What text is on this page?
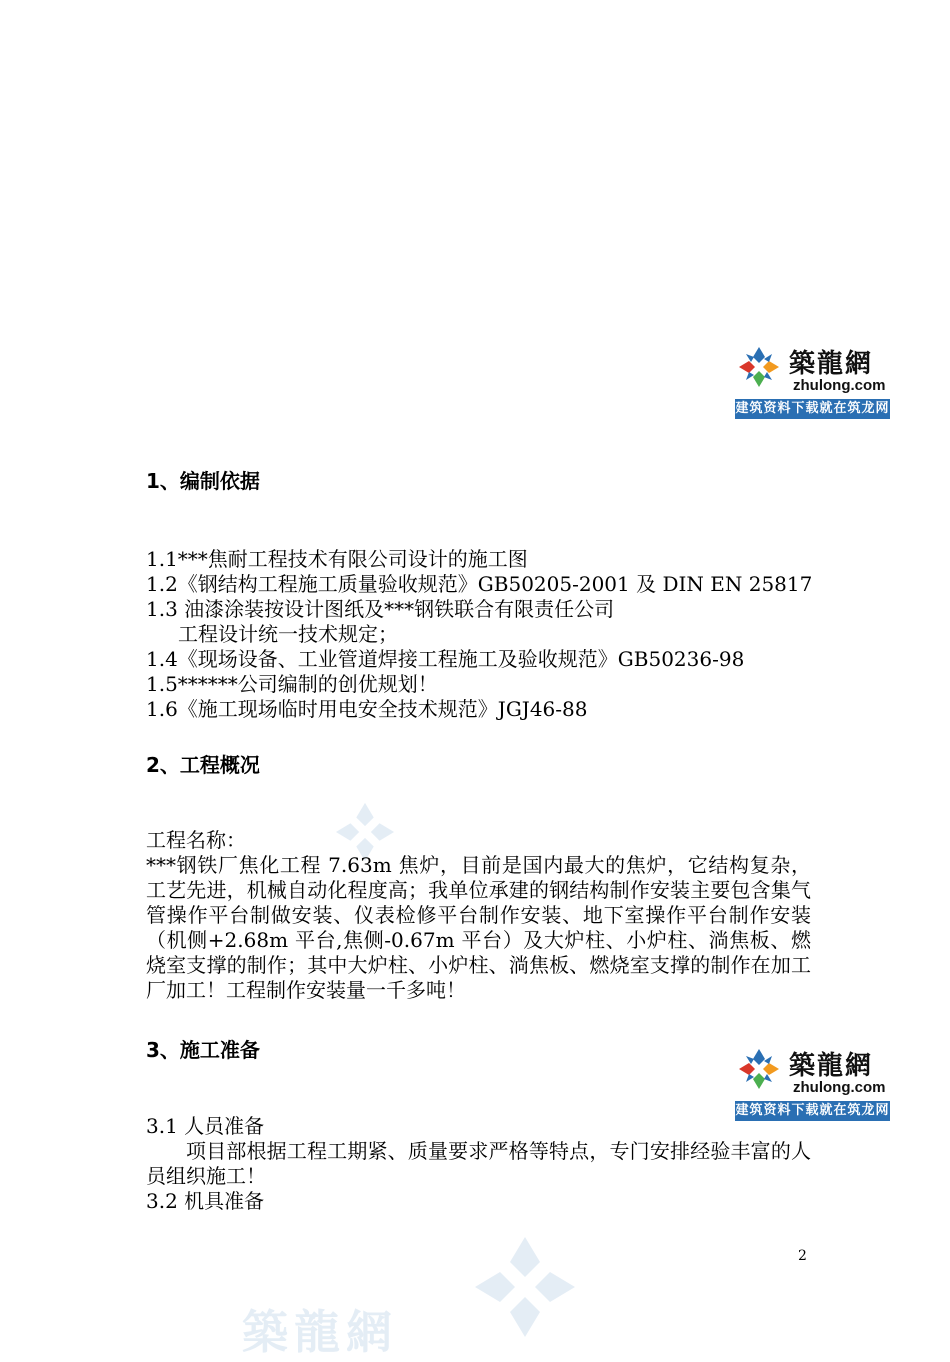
築龍網
zhulong.com
建筑资料下载就在筑龙网
1、编制依据
1.1***焦耐工程技术有限公司设计的施工图
1.2《钢结构工程施工质量验收规范》GB50205-2001 及 DIN EN 25817
1.3 油漆涂装按设计图纸及***钢铁联合有限责任公司
工程设计统一技术规定；
1.4《现场设备、工业管道焊接工程施工及验收规范》GB50236-98
1.5******公司编制的创优规划！
1.6《施工现场临时用电安全技术规范》JGJ46-88
2、工程概况
工程名称：
***钢铁厂焦化工程 7.63m 焦炉，目前是国内最大的焦炉，它结构复杂，工艺先进，机械自动化程度高；我单位承建的钢结构制作安装主要包含集气管操作平台制做安装、仪表检修平台制作安装、地下室操作平台制作安装（机侧+2.68m 平台,焦侧-0.67m 平台）及大炉柱、小炉柱、淌焦板、燃烧室支撑的制作；其中大炉柱、小炉柱、淌焦板、燃烧室支撑的制作在加工厂加工！工程制作安装量一千多吨！
3、施工准备
築龍網
zhulong.com
建筑资料下载就在筑龙网
3.1 人员准备
项目部根据工程工期紧、质量要求严格等特点，专门安排经验丰富的人员组织施工！
3.2 机具准备
2
築龍網
